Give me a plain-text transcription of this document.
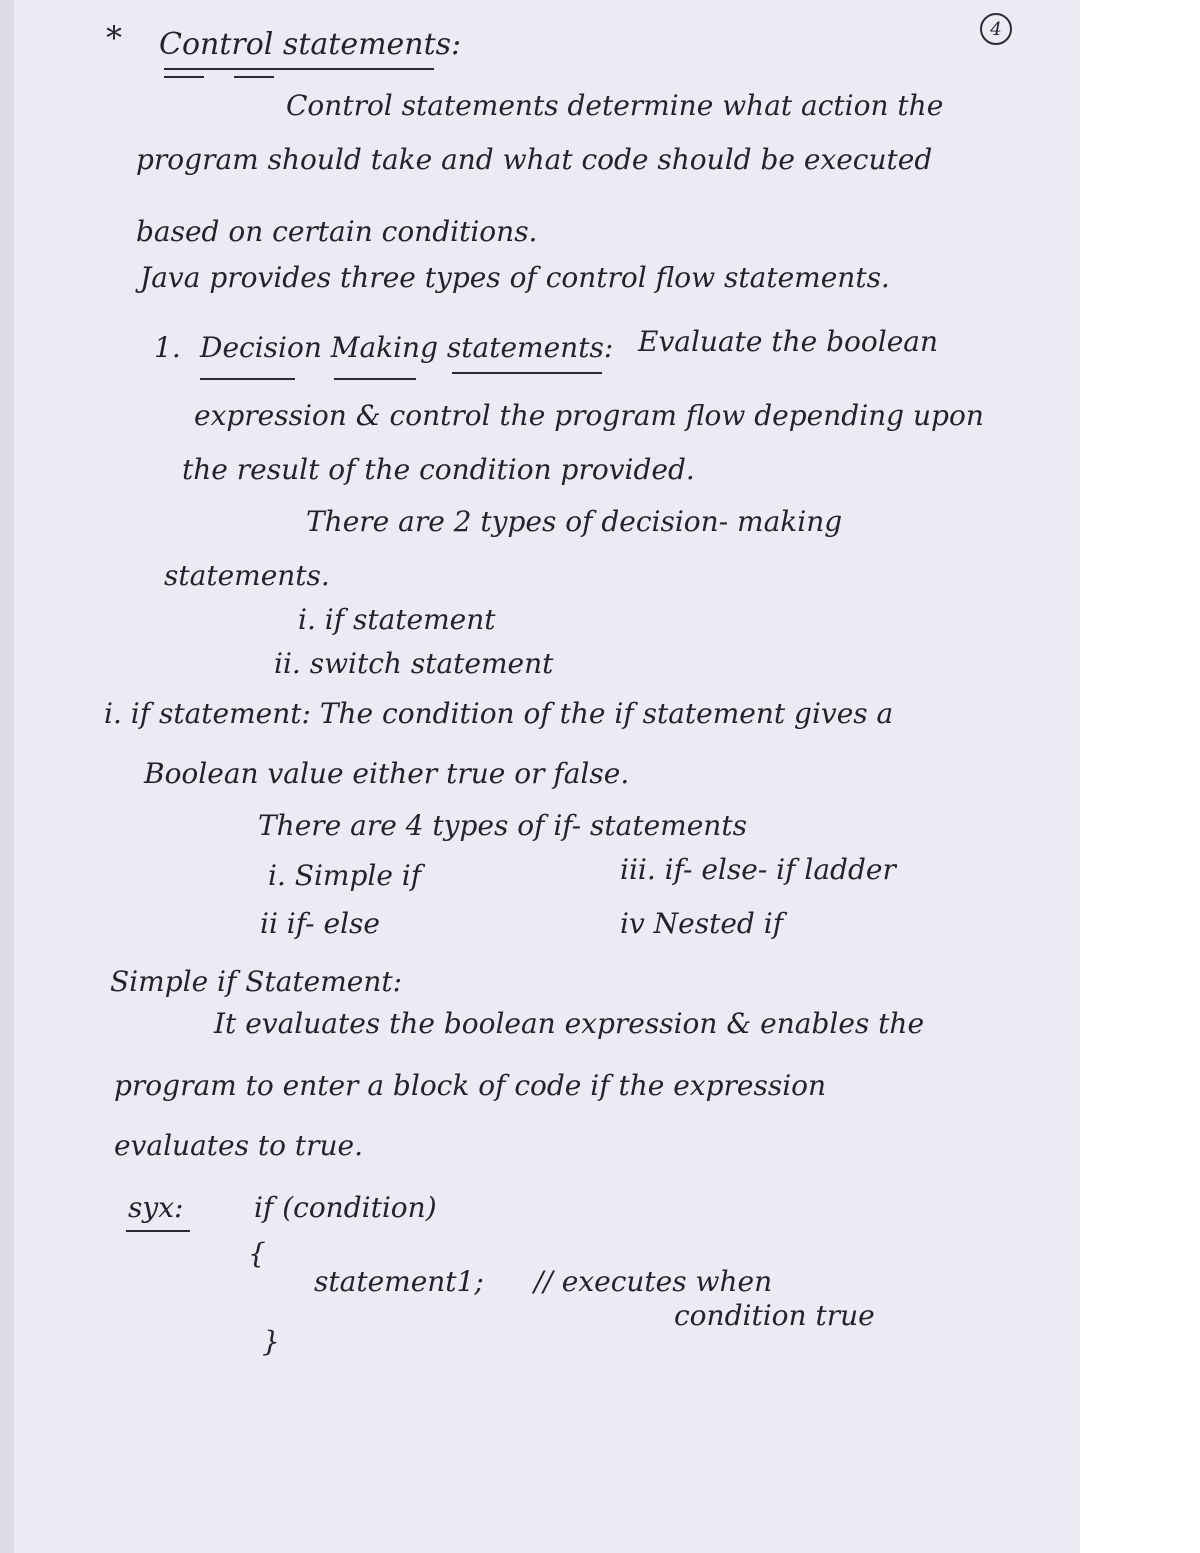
4
* Control statements:
Control statements determine what action the
program should take and what code should be executed
based on certain conditions.
Java provides three types of control flow statements.
1. Decision Making statements: Evaluate the boolean
expression & control the program flow depending upon
the result of the condition provided.
There are 2 types of decision- making
statements.
i. if statement
ii. switch statement
i. if statement: The condition of the if statement gives a
Boolean value either true or false.
There are 4 types of if- statements
i. Simple if
ii if- else
iii. if- else- if ladder
iv Nested if
Simple if Statement:
It evaluates the boolean expression & enables the
program to enter a block of code if the expression
evaluates to true.
syx:	if (condition)
{
statement1; // executes when
condition true
}
